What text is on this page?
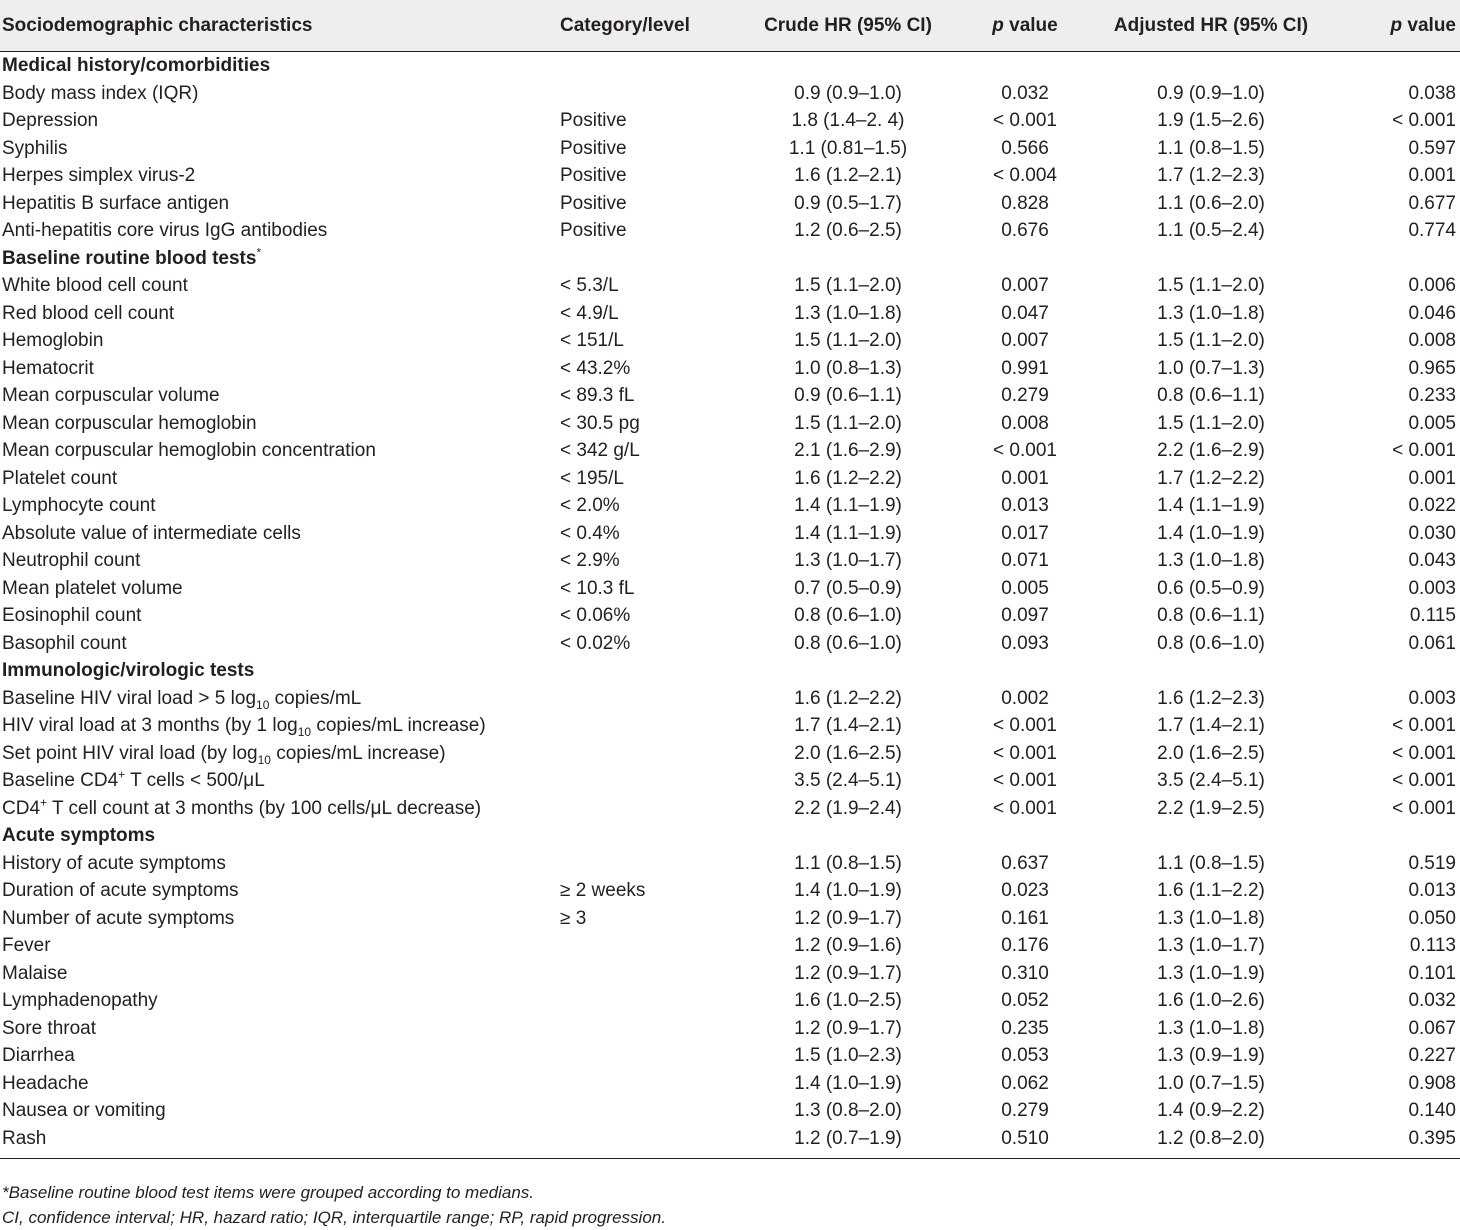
Sociodemographic characteristics	Category/level	Crude HR (95% CI)	p value	Adjusted HR (95% CI)	p value
Medical history/comorbidities					
Body mass index (IQR)		0.9 (0.9–1.0)	0.032	0.9 (0.9–1.0)	0.038
Depression	Positive	1.8 (1.4–2. 4)	< 0.001	1.9 (1.5–2.6)	< 0.001
Syphilis	Positive	1.1 (0.81–1.5)	0.566	1.1 (0.8–1.5)	0.597
Herpes simplex virus-2	Positive	1.6 (1.2–2.1)	< 0.004	1.7 (1.2–2.3)	0.001
Hepatitis B surface antigen	Positive	0.9 (0.5–1.7)	0.828	1.1 (0.6–2.0)	0.677
Anti-hepatitis core virus IgG antibodies	Positive	1.2 (0.6–2.5)	0.676	1.1 (0.5–2.4)	0.774
Baseline routine blood tests*
White blood cell count	< 5.3/L	1.5 (1.1–2.0)	0.007	1.5 (1.1–2.0)	0.006
Red blood cell count	< 4.9/L	1.3 (1.0–1.8)	0.047	1.3 (1.0–1.8)	0.046
Hemoglobin	< 151/L	1.5 (1.1–2.0)	0.007	1.5 (1.1–2.0)	0.008
Hematocrit	< 43.2%	1.0 (0.8–1.3)	0.991	1.0 (0.7–1.3)	0.965
Mean corpuscular volume	< 89.3 fL	0.9 (0.6–1.1)	0.279	0.8 (0.6–1.1)	0.233
Mean corpuscular hemoglobin	< 30.5 pg	1.5 (1.1–2.0)	0.008	1.5 (1.1–2.0)	0.005
Mean corpuscular hemoglobin concentration	< 342 g/L	2.1 (1.6–2.9)	< 0.001	2.2 (1.6–2.9)	< 0.001
Platelet count	< 195/L	1.6 (1.2–2.2)	0.001	1.7 (1.2–2.2)	0.001
Lymphocyte count	< 2.0%	1.4 (1.1–1.9)	0.013	1.4 (1.1–1.9)	0.022
Absolute value of intermediate cells	< 0.4%	1.4 (1.1–1.9)	0.017	1.4 (1.0–1.9)	0.030
Neutrophil count	< 2.9%	1.3 (1.0–1.7)	0.071	1.3 (1.0–1.8)	0.043
Mean platelet volume	< 10.3 fL	0.7 (0.5–0.9)	0.005	0.6 (0.5–0.9)	0.003
Eosinophil count	< 0.06%	0.8 (0.6–1.0)	0.097	0.8 (0.6–1.1)	0.115
Basophil count	< 0.02%	0.8 (0.6–1.0)	0.093	0.8 (0.6–1.0)	0.061
Immunologic/virologic tests					
Baseline HIV viral load > 5 $\log_{10}$ copies/mL		1.6 (1.2–2.2)	0.002	1.6 (1.2–2.3)	0.003
HIV viral load at 3 months (by 1 $\log_{10}$ copies/mL increase)		1.7 (1.4–2.1)	< 0.001	1.7 (1.4–2.1)	< 0.001
Set point HIV viral load (by $\log_{10}$ copies/mL increase)		2.0 (1.6–2.5)	< 0.001	2.0 (1.6–2.5)	< 0.001
Baseline CD4+ T cells < 500/μL		3.5 (2.4–5.1)	< 0.001	3.5 (2.4–5.1)	< 0.001
CD4+ T cell count at 3 months (by 100 cells/μL decrease)		2.2 (1.9–2.4)	< 0.001	2.2 (1.9–2.5)	< 0.001
Acute symptoms					
History of acute symptoms		1.1 (0.8–1.5)	0.637	1.1 (0.8–1.5)	0.519
Duration of acute symptoms	≥ 2 weeks	1.4 (1.0–1.9)	0.023	1.6 (1.1–2.2)	0.013
Number of acute symptoms	≥ 3	1.2 (0.9–1.7)	0.161	1.3 (1.0–1.8)	0.050
Fever		1.2 (0.9–1.6)	0.176	1.3 (1.0–1.7)	0.113
Malaise		1.2 (0.9–1.7)	0.310	1.3 (1.0–1.9)	0.101
Lymphadenopathy		1.6 (1.0–2.5)	0.052	1.6 (1.0–2.6)	0.032
Sore throat		1.2 (0.9–1.7)	0.235	1.3 (1.0–1.8)	0.067
Diarrhea		1.5 (1.0–2.3)	0.053	1.3 (0.9–1.9)	0.227
Headache		1.4 (1.0–1.9)	0.062	1.0 (0.7–1.5)	0.908
Nausea or vomiting		1.3 (0.8–2.0)	0.279	1.4 (0.9–2.2)	0.140
Rash		1.2 (0.7–1.9)	0.510	1.2 (0.8–2.0)	0.395
*Baseline routine blood test items were grouped according to medians.
CI, confidence interval; HR, hazard ratio; IQR, interquartile range; RP, rapid progression.
